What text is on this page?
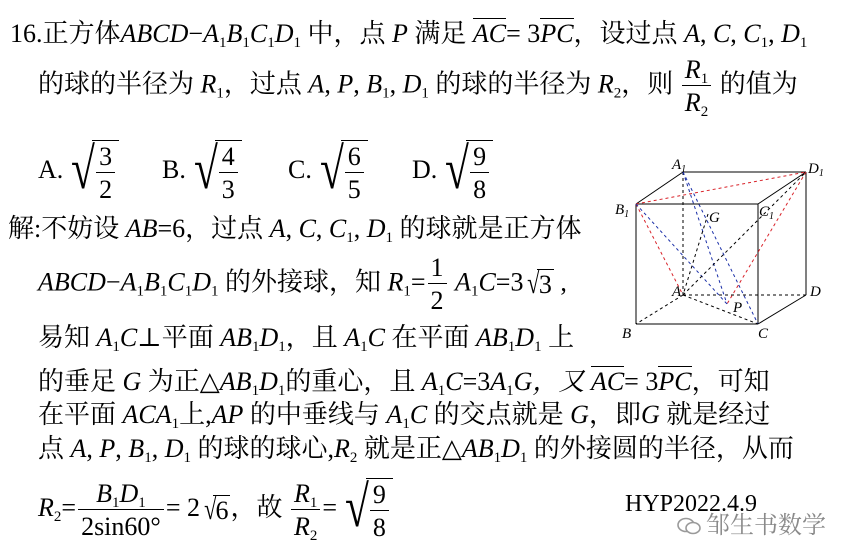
16.正方体$ABCD-A_1B_1C_1D_1$ 中，点 P 满足 AC= 3PC，设过点 A, C, $C_1$, $D_1$
的球的半径为 $R_1$，过点 A, P, $B_1$, $D_1$ 的球的半径为 $R_2$，则 $\frac{R_1}{R_2}$ 的值为
A. √ $\frac{3}{2} B$. √ $\frac{4}{3} C$. √ $\frac{6}{5} D$. √ $\frac{9}{8}$
解:不妨设 AB=6，过点 A, C, $C_1$, $D_1$ 的球就是正方体
$ABCD-A_1B_1C_1D_1$ 的外接球，知 $R_1= \frac{1}{2} A_1C=3$ √ 3 ,
易知 $A_1C\perp$平面 $AB_1D_1$，且 $A_1C$ 在平面 $AB_1D_1$ 上
的垂足 G 为正$\triangle AB_1D_1$的重心，且 $A_1C=3A_1G$，又 AC= 3PC，可知
在平面 $ACA_1$上,AP 的中垂线与 $A_1C$ 的交点就是 G，即G 就是经过
点 A, P, $B_1$, $D_1$ 的球的球心$,R_2$ 就是正$\triangle AB_1D_1$ 的外接圆的半径，从而
$R_2= \frac{B_1D_1}{2\sin 60^\circ} = 2$ √ 6 ，故 $\frac{R_1}{R_2}$ = √ $\frac{9}{8}$	HYP2022.4.9
邹生书数学
$A_1$	$D_1$
$B_1$	G	$C_1$
A	D
P
B	C
